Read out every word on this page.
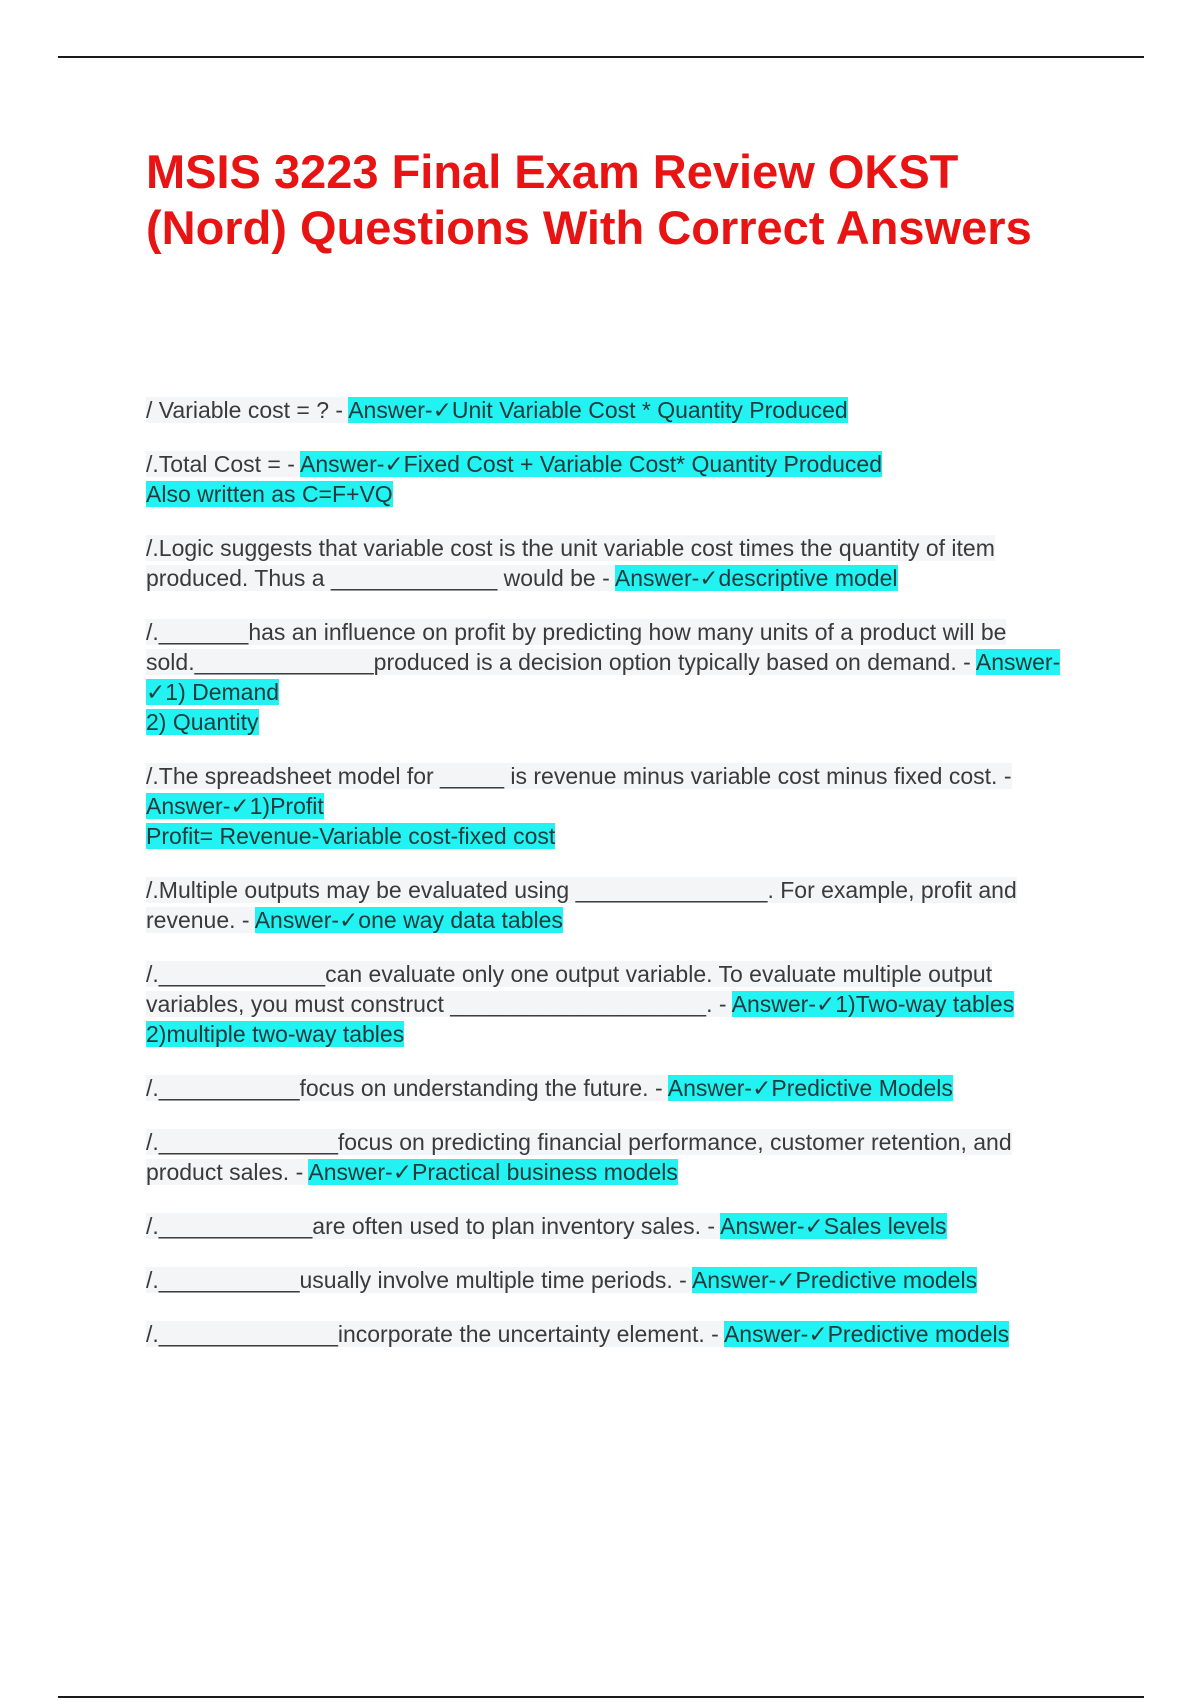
MSIS 3223 Final Exam Review OKST (Nord) Questions With Correct Answers
/ Variable cost = ? - Answer-✓Unit Variable Cost * Quantity Produced
/.Total Cost = - Answer-✓Fixed Cost + Variable Cost* Quantity Produced
Also written as C=F+VQ
/.Logic suggests that variable cost is the unit variable cost times the quantity of item produced. Thus a _____________ would be - Answer-✓descriptive model
/._______has an influence on profit by predicting how many units of a product will be sold.______________produced is a decision option typically based on demand. - Answer-✓1) Demand
2) Quantity
/.The spreadsheet model for _____ is revenue minus variable cost minus fixed cost. - Answer-✓1)Profit
Profit= Revenue-Variable cost-fixed cost
/.Multiple outputs may be evaluated using _______________. For example, profit and revenue. - Answer-✓one way data tables
/._____________can evaluate only one output variable. To evaluate multiple output variables, you must construct ____________________. - Answer-✓1)Two-way tables
2)multiple two-way tables
/.___________focus on understanding the future. - Answer-✓Predictive Models
/.______________focus on predicting financial performance, customer retention, and product sales. - Answer-✓Practical business models
/.____________are often used to plan inventory sales. - Answer-✓Sales levels
/.___________usually involve multiple time periods. - Answer-✓Predictive models
/.______________incorporate the uncertainty element. - Answer-✓Predictive models
